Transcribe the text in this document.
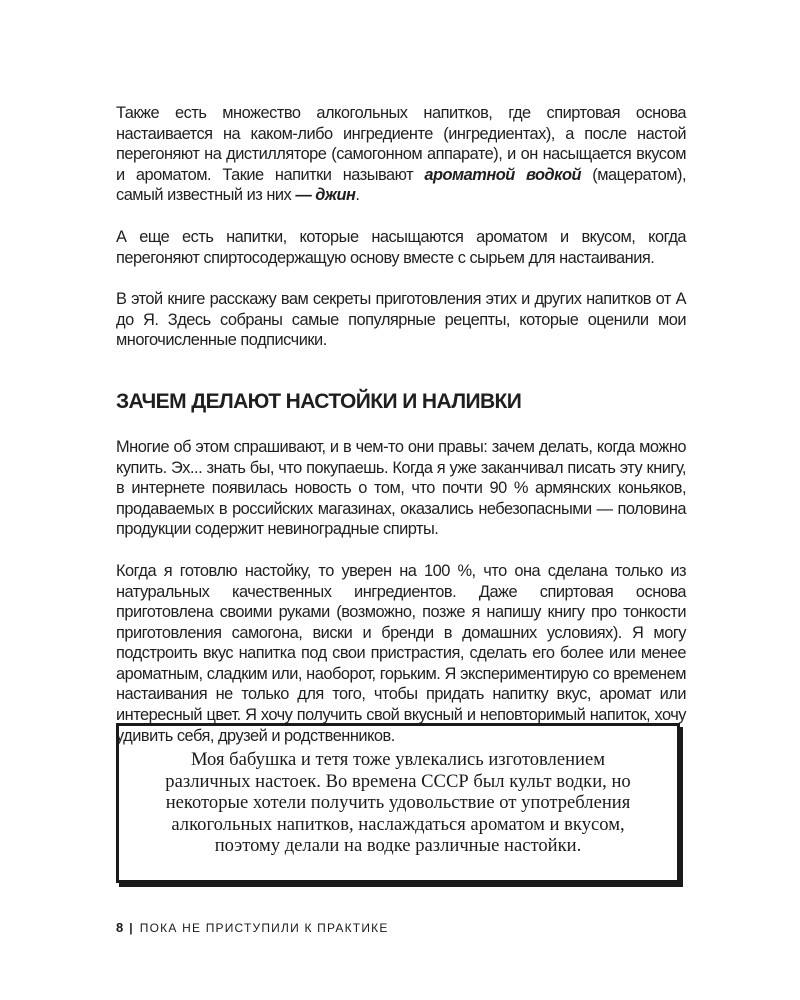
Также есть множество алкогольных напитков, где спиртовая основа настаивается на каком-либо ингредиенте (ингредиентах), а после настой перегоняют на дистилляторе (самогонном аппарате), и он насыщается вкусом и ароматом. Такие напитки называют ароматной водкой (мацератом), самый известный из них — джин.

А еще есть напитки, которые насыщаются ароматом и вкусом, когда перегоняют спиртосодержащую основу вместе с сырьем для настаивания.

В этой книге расскажу вам секреты приготовления этих и других напитков от А до Я. Здесь собраны самые популярные рецепты, которые оценили мои многочисленные подписчики.

ЗАЧЕМ ДЕЛАЮТ НАСТОЙКИ И НАЛИВКИ

Многие об этом спрашивают, и в чем-то они правы: зачем делать, когда можно купить. Эх... знать бы, что покупаешь. Когда я уже заканчивал писать эту книгу, в интернете появилась новость о том, что почти 90 % армянских коньяков, продаваемых в российских магазинах, оказались небезопасными — половина продукции содержит невиноградные спирты.

Когда я готовлю настойку, то уверен на 100 %, что она сделана только из натуральных качественных ингредиентов. Даже спиртовая основа приготовлена своими руками (возможно, позже я напишу книгу про тонкости приготовления самогона, виски и бренди в домашних условиях). Я могу подстроить вкус напитка под свои пристрастия, сделать его более или менее ароматным, сладким или, наоборот, горьким. Я экспериментирую со временем настаивания не только для того, чтобы придать напитку вкус, аромат или интересный цвет. Я хочу получить свой вкусный и неповторимый напиток, хочу удивить себя, друзей и родственников.

Моя бабушка и тетя тоже увлекались изготовлением различных настоек. Во времена СССР был культ водки, но некоторые хотели получить удовольствие от употребления алкогольных напитков, наслаждаться ароматом и вкусом, поэтому делали на водке различные настойки.

8 | ПОКА НЕ ПРИСТУПИЛИ К ПРАКТИКЕ
